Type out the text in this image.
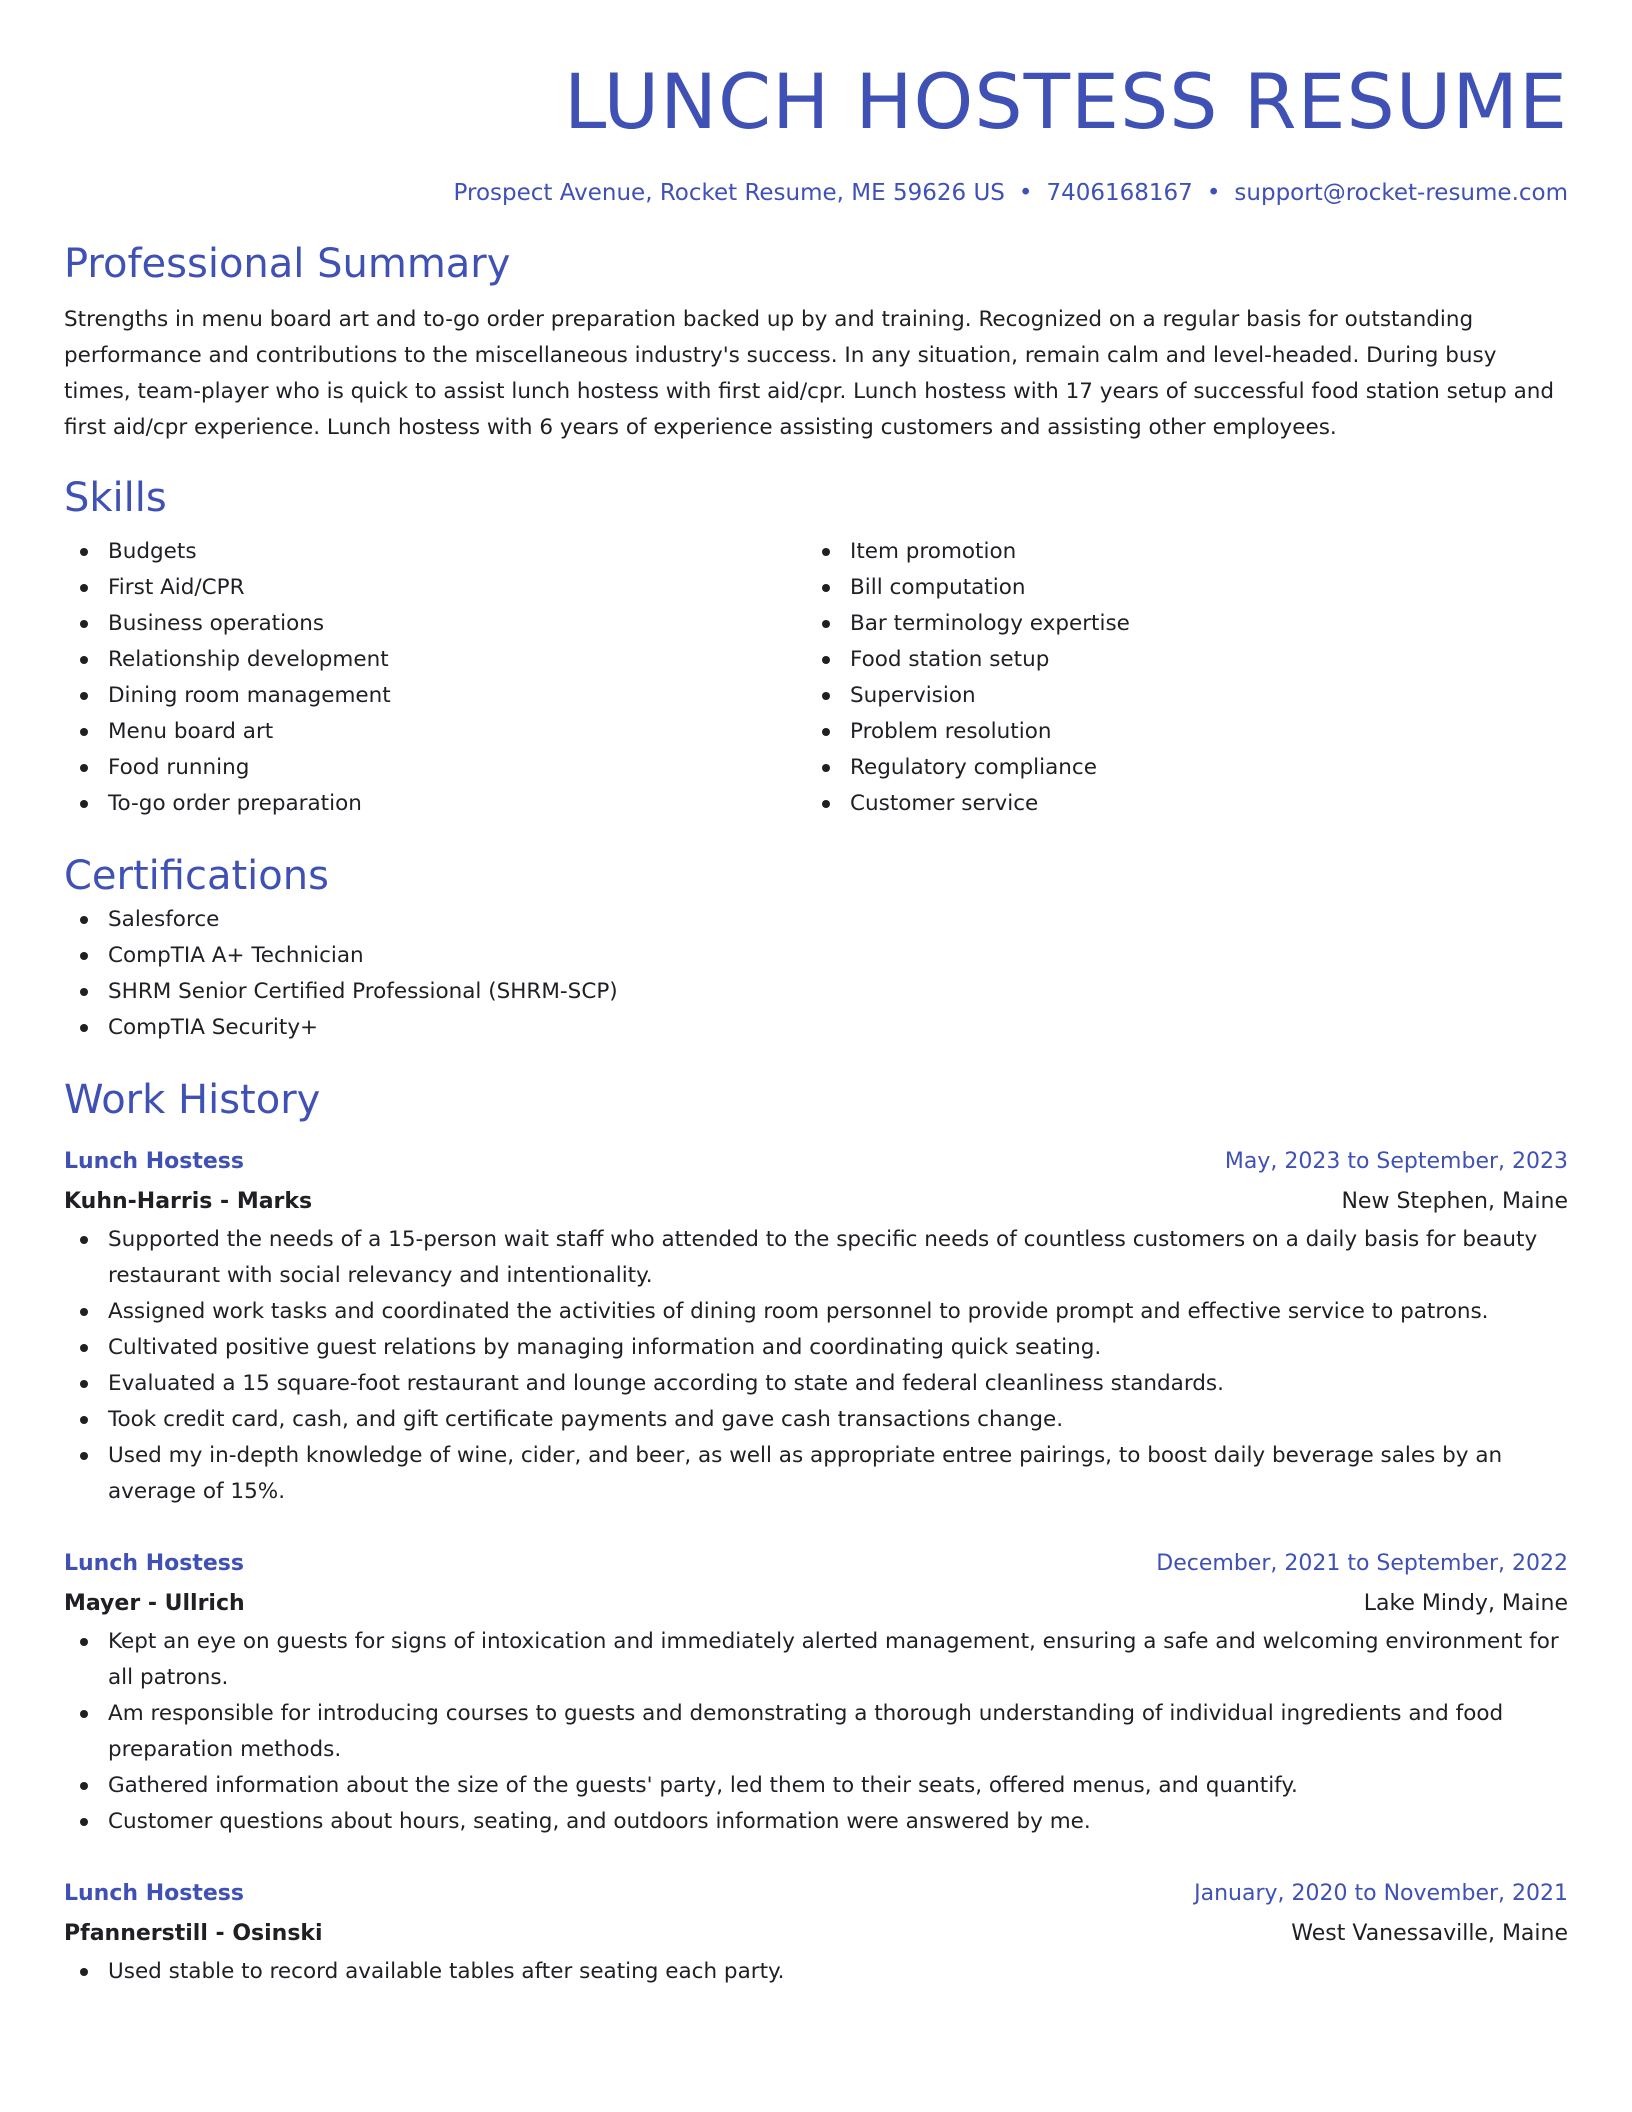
LUNCH HOSTESS RESUME
Prospect Avenue, Rocket Resume, ME 59626 US • 7406168167 • support@rocket-resume.com
Professional Summary

Strengths in menu board art and to-go order preparation backed up by and training. Recognized on a regular basis for outstanding performance and contributions to the miscellaneous industry's success. In any situation, remain calm and level-headed. During busy times, team-player who is quick to assist lunch hostess with first aid/cpr. Lunch hostess with 17 years of successful food station setup and first aid/cpr experience. Lunch hostess with 6 years of experience assisting customers and assisting other employees.

Skills
Budgets
First Aid/CPR
Business operations
Relationship development
Dining room management
Menu board art
Food running
To-go order preparation
Item promotion
Bill computation
Bar terminology expertise
Food station setup
Supervision
Problem resolution
Regulatory compliance
Customer service
Certifications
Salesforce
CompTIA A+ Technician
SHRM Senior Certified Professional (SHRM-SCP)
CompTIA Security+
Work History
Lunch Hostess	May, 2023 to September, 2023
Kuhn-Harris - Marks	New Stephen, Maine
Supported the needs of a 15-person wait staff who attended to the specific needs of countless customers on a daily basis for beauty restaurant with social relevancy and intentionality.
Assigned work tasks and coordinated the activities of dining room personnel to provide prompt and effective service to patrons.
Cultivated positive guest relations by managing information and coordinating quick seating.
Evaluated a 15 square-foot restaurant and lounge according to state and federal cleanliness standards.
Took credit card, cash, and gift certificate payments and gave cash transactions change.
Used my in-depth knowledge of wine, cider, and beer, as well as appropriate entree pairings, to boost daily beverage sales by an average of 15%.
Lunch Hostess	December, 2021 to September, 2022
Mayer - Ullrich	Lake Mindy, Maine
Kept an eye on guests for signs of intoxication and immediately alerted management, ensuring a safe and welcoming environment for all patrons.
Am responsible for introducing courses to guests and demonstrating a thorough understanding of individual ingredients and food preparation methods.
Gathered information about the size of the guests' party, led them to their seats, offered menus, and quantify.
Customer questions about hours, seating, and outdoors information were answered by me.
Lunch Hostess	January, 2020 to November, 2021
Pfannerstill - Osinski	West Vanessaville, Maine
Used stable to record available tables after seating each party.
